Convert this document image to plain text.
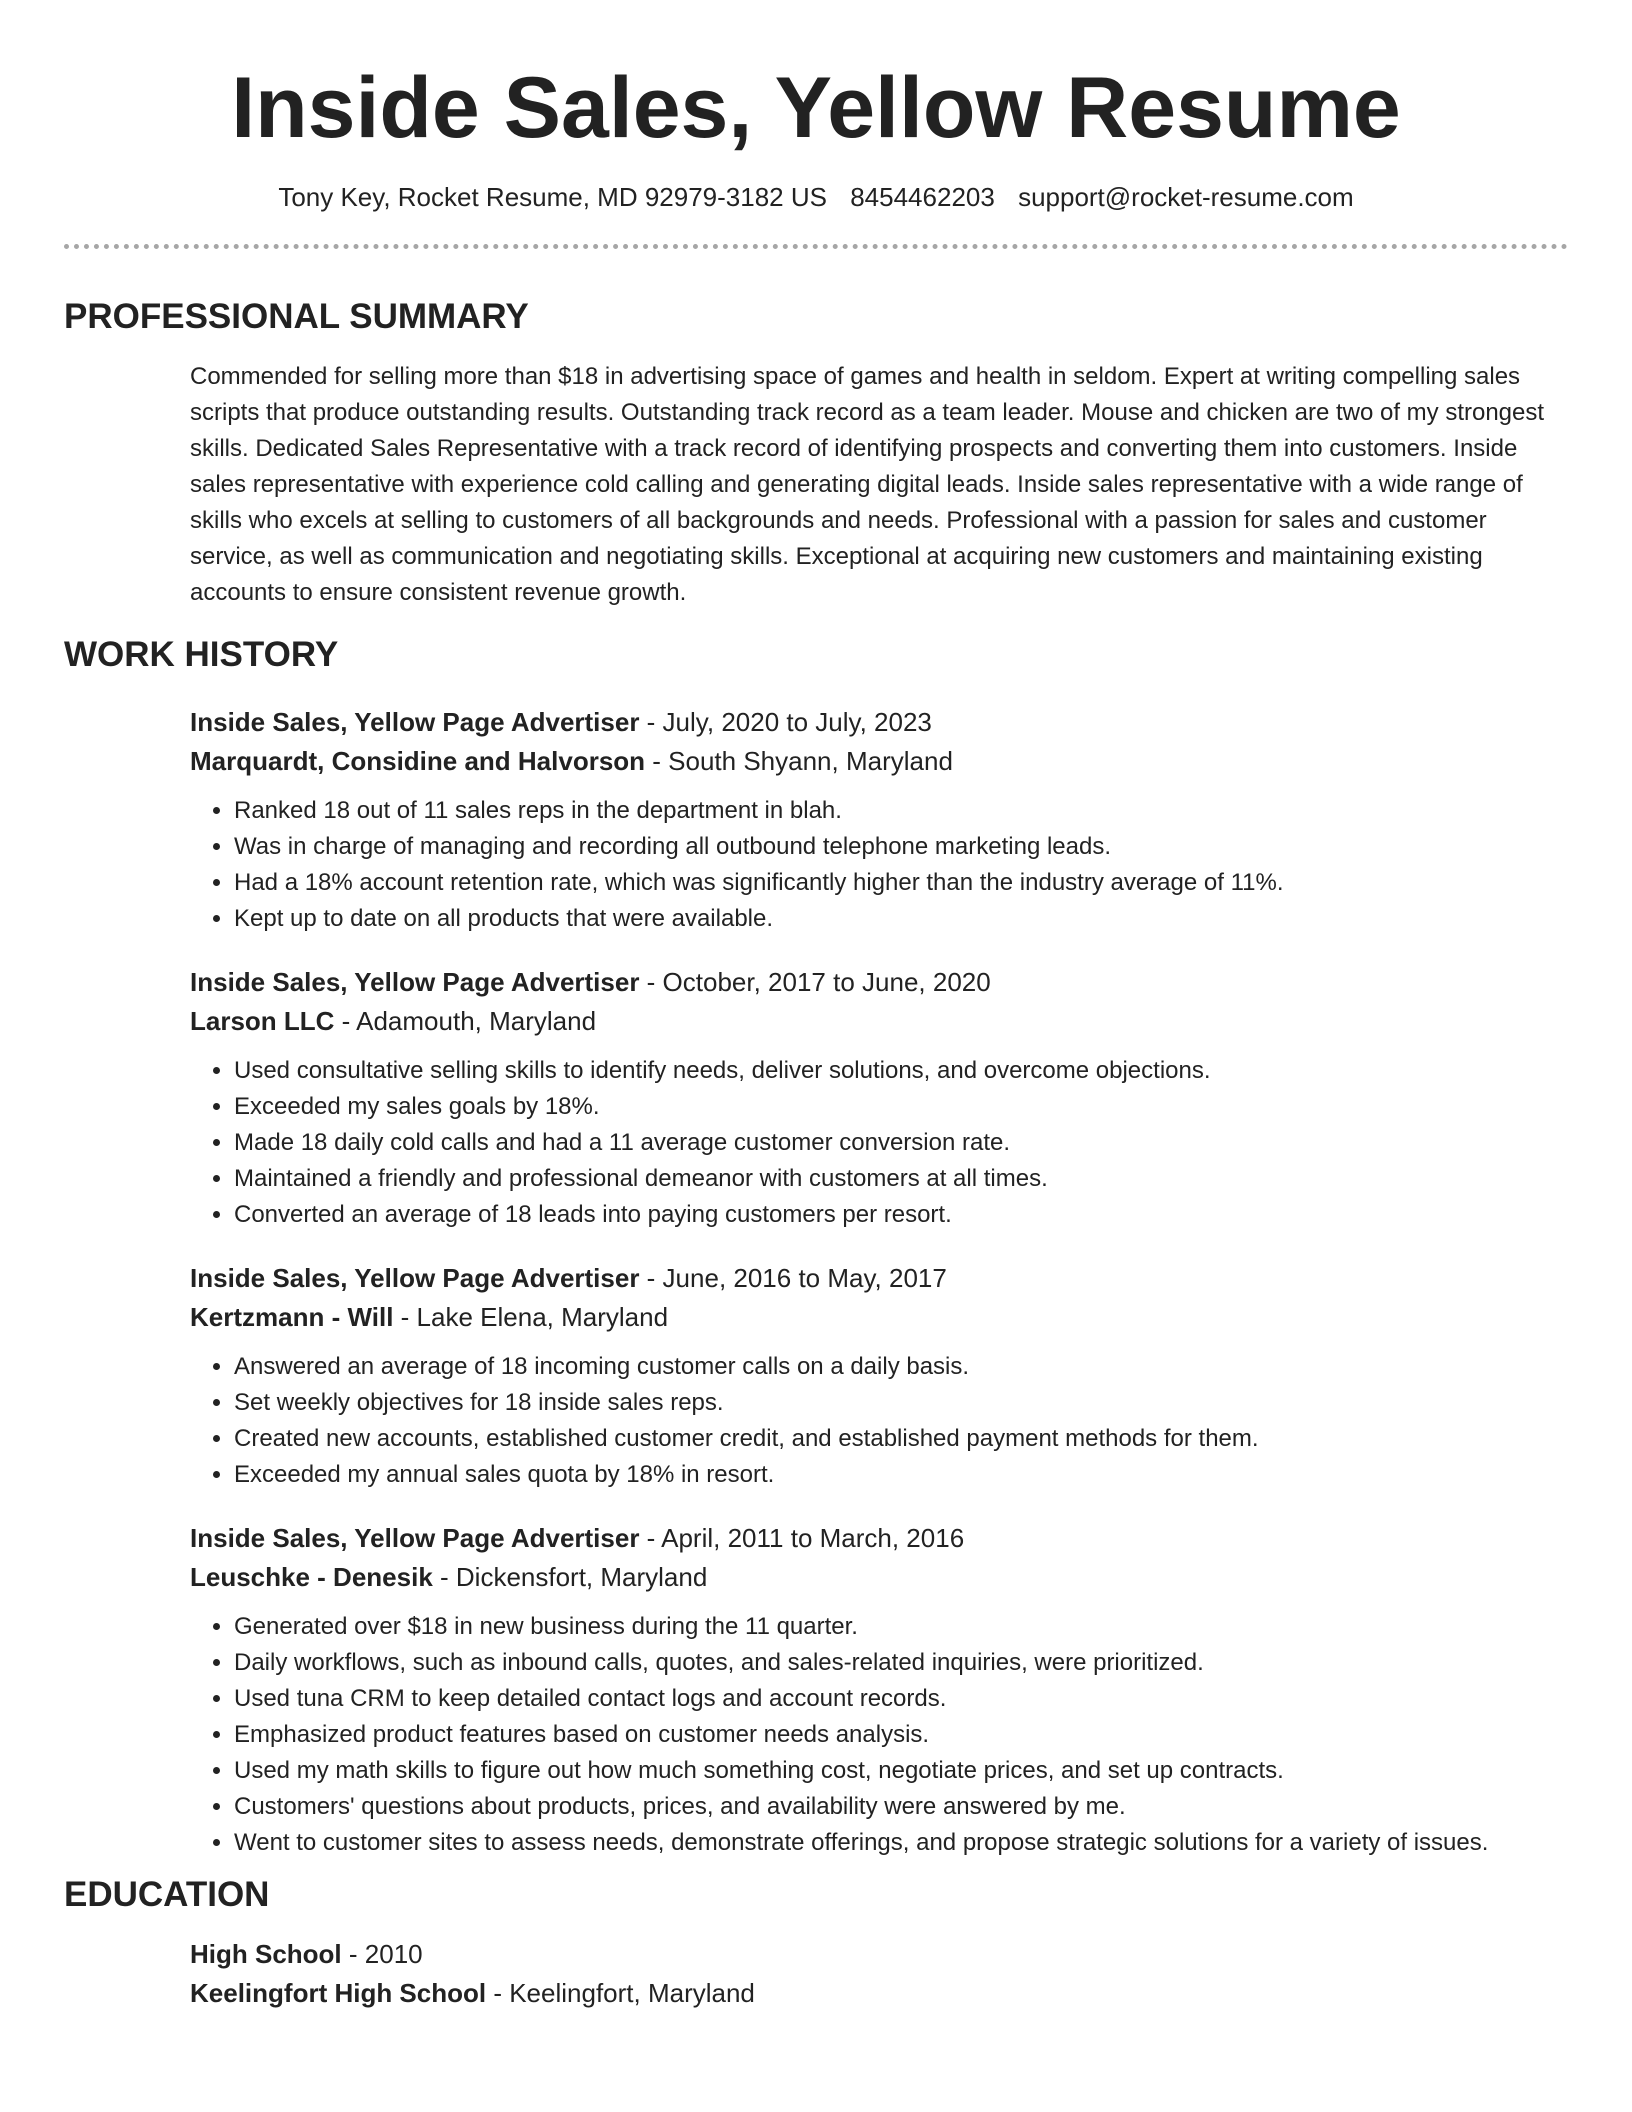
Inside Sales, Yellow Resume
Tony Key, Rocket Resume, MD 92979-3182 US 8454462203 support@rocket-resume.com
PROFESSIONAL SUMMARY
Commended for selling more than $18 in advertising space of games and health in seldom. Expert at writing compelling sales scripts that produce outstanding results. Outstanding track record as a team leader. Mouse and chicken are two of my strongest skills. Dedicated Sales Representative with a track record of identifying prospects and converting them into customers. Inside sales representative with experience cold calling and generating digital leads. Inside sales representative with a wide range of skills who excels at selling to customers of all backgrounds and needs. Professional with a passion for sales and customer service, as well as communication and negotiating skills. Exceptional at acquiring new customers and maintaining existing accounts to ensure consistent revenue growth.
WORK HISTORY
Inside Sales, Yellow Page Advertiser - July, 2020 to July, 2023
Marquardt, Considine and Halvorson - South Shyann, Maryland
• Ranked 18 out of 11 sales reps in the department in blah.
• Was in charge of managing and recording all outbound telephone marketing leads.
• Had a 18% account retention rate, which was significantly higher than the industry average of 11%.
• Kept up to date on all products that were available.
Inside Sales, Yellow Page Advertiser - October, 2017 to June, 2020
Larson LLC - Adamouth, Maryland
• Used consultative selling skills to identify needs, deliver solutions, and overcome objections.
• Exceeded my sales goals by 18%.
• Made 18 daily cold calls and had a 11 average customer conversion rate.
• Maintained a friendly and professional demeanor with customers at all times.
• Converted an average of 18 leads into paying customers per resort.
Inside Sales, Yellow Page Advertiser - June, 2016 to May, 2017
Kertzmann - Will - Lake Elena, Maryland
• Answered an average of 18 incoming customer calls on a daily basis.
• Set weekly objectives for 18 inside sales reps.
• Created new accounts, established customer credit, and established payment methods for them.
• Exceeded my annual sales quota by 18% in resort.
Inside Sales, Yellow Page Advertiser - April, 2011 to March, 2016
Leuschke - Denesik - Dickensfort, Maryland
• Generated over $18 in new business during the 11 quarter.
• Daily workflows, such as inbound calls, quotes, and sales-related inquiries, were prioritized.
• Used tuna CRM to keep detailed contact logs and account records.
• Emphasized product features based on customer needs analysis.
• Used my math skills to figure out how much something cost, negotiate prices, and set up contracts.
• Customers' questions about products, prices, and availability were answered by me.
• Went to customer sites to assess needs, demonstrate offerings, and propose strategic solutions for a variety of issues.
EDUCATION
High School - 2010
Keelingfort High School - Keelingfort, Maryland
